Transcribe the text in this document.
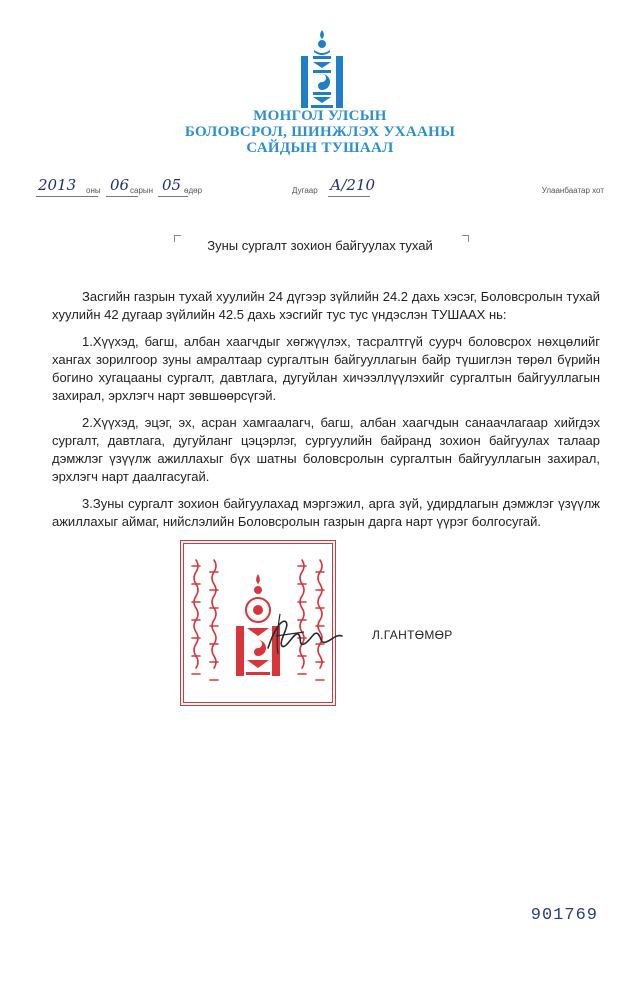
МОНГОЛ УЛСЫН
БОЛОВСРОЛ, ШИНЖЛЭХ УХААНЫ
САЙДЫН ТУШААЛ
2013 оны 06 сарын 05 өдөр	Дугаар А/210	Улаанбаатар хот
Зуны сургалт зохион байгуулах тухай

Засгийн газрын тухай хуулийн 24 дүгээр зүйлийн 24.2 дахь хэсэг, Боловсролын тухай хуулийн 42 дугаар зүйлийн 42.5 дахь хэсгийг тус тус үндэслэн ТУШААХ нь:

1.Хүүхэд, багш, албан хаагчдыг хөгжүүлэх, тасралтгүй суурч боловсрох нөхцөлийг хангах зорилгоор зуны амралтаар сургалтын байгууллагын байр түшиглэн төрөл бүрийн богино хугацааны сургалт, давтлага, дугуйлан хичээллүүлэхийг сургалтын байгууллагын захирал, эрхлэгч нарт зөвшөөрсүгэй.

2.Хүүхэд, эцэг, эх, асран хамгаалагч, багш, албан хаагчдын санаачлагаар хийгдэх сургалт, давтлага, дугуйланг цэцэрлэг, сургуулийн байранд зохион байгуулах талаар дэмжлэг үзүүлж ажиллахыг бүх шатны боловсролын сургалтын байгууллагын захирал, эрхлэгч нарт даалгасугай.

3.Зуны сургалт зохион байгуулахад мэргэжил, арга зүй, удирдлагын дэмжлэг үзүүлж ажиллахыг аймаг, нийслэлийн Боловсролын газрын дарга нарт үүрэг болгосугай.

Л.ГАНТӨМӨР
901769
